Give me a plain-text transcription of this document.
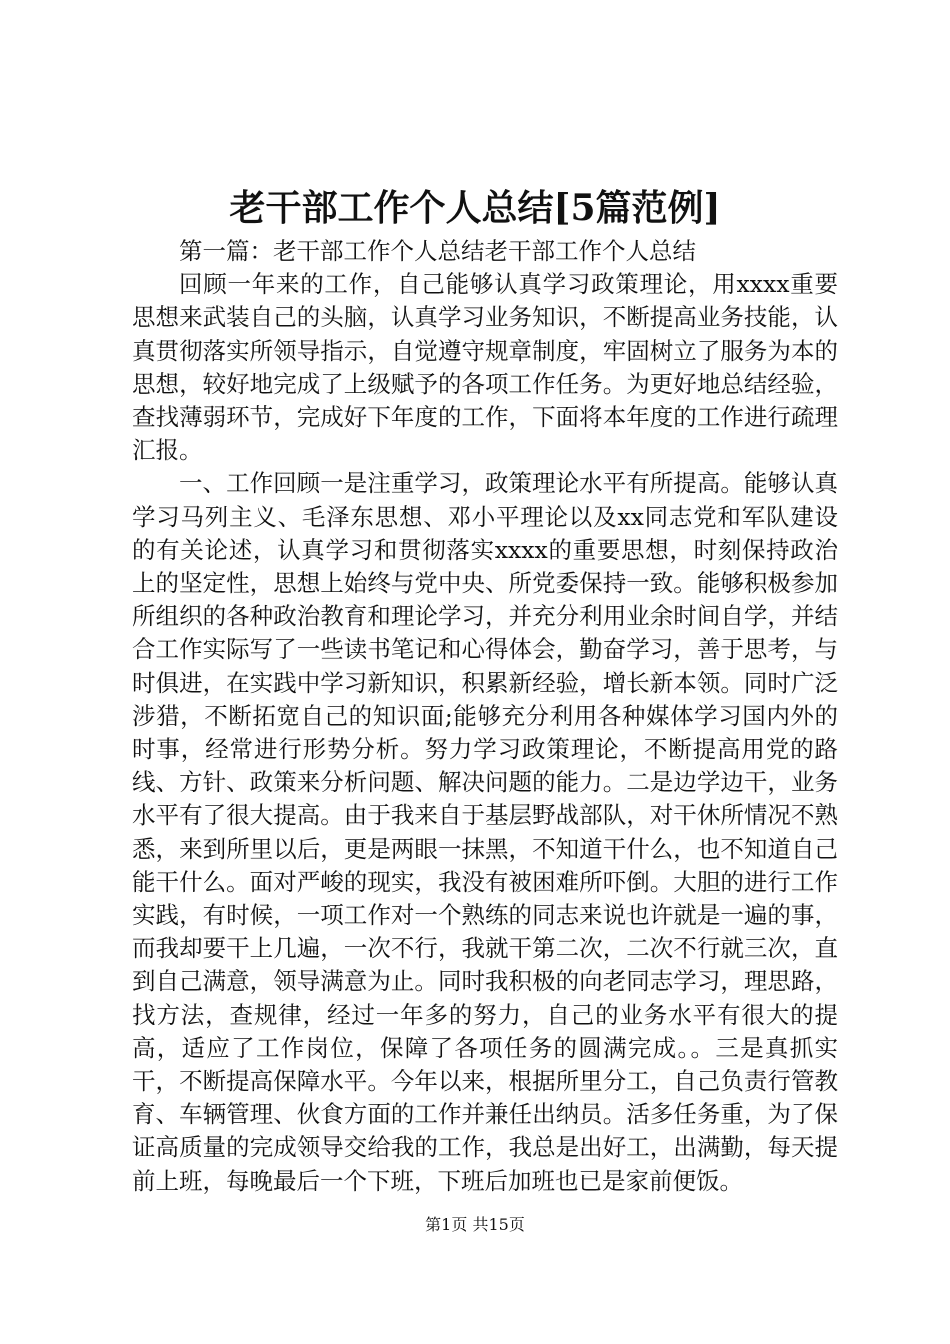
老干部工作个人总结[5篇范例]

第一篇：老干部工作个人总结老干部工作个人总结

回顾一年来的工作，自己能够认真学习政策理论，用xxxx重要思想来武装自己的头脑，认真学习业务知识，不断提高业务技能，认真贯彻落实所领导指示，自觉遵守规章制度，牢固树立了服务为本的思想，较好地完成了上级赋予的各项工作任务。为更好地总结经验，查找薄弱环节，完成好下年度的工作，下面将本年度的工作进行疏理汇报。

一、工作回顾一是注重学习，政策理论水平有所提高。能够认真学习马列主义、毛泽东思想、邓小平理论以及xx同志党和军队建设的有关论述，认真学习和贯彻落实xxxx的重要思想，时刻保持政治上的坚定性，思想上始终与党中央、所党委保持一致。能够积极参加所组织的各种政治教育和理论学习，并充分利用业余时间自学，并结合工作实际写了一些读书笔记和心得体会，勤奋学习，善于思考，与时俱进，在实践中学习新知识，积累新经验，增长新本领。同时广泛涉猎，不断拓宽自己的知识面;能够充分利用各种媒体学习国内外的时事，经常进行形势分析。努力学习政策理论，不断提高用党的路线、方针、政策来分析问题、解决问题的能力。二是边学边干，业务水平有了很大提高。由于我来自于基层野战部队，对干休所情况不熟悉，来到所里以后，更是两眼一抹黑，不知道干什么，也不知道自己能干什么。面对严峻的现实，我没有被困难所吓倒。大胆的进行工作实践，有时候，一项工作对一个熟练的同志来说也许就是一遍的事，而我却要干上几遍，一次不行，我就干第二次，二次不行就三次，直到自己满意，领导满意为止。同时我积极的向老同志学习，理思路，找方法，查规律，经过一年多的努力，自己的业务水平有很大的提高，适应了工作岗位，保障了各项任务的圆满完成。。三是真抓实干，不断提高保障水平。今年以来，根据所里分工，自己负责行管教育、车辆管理、伙食方面的工作并兼任出纳员。活多任务重，为了保证高质量的完成领导交给我的工作，我总是出好工，出满勤，每天提前上班，每晚最后一个下班，下班后加班也已是家前便饭。

第1页 共15页
